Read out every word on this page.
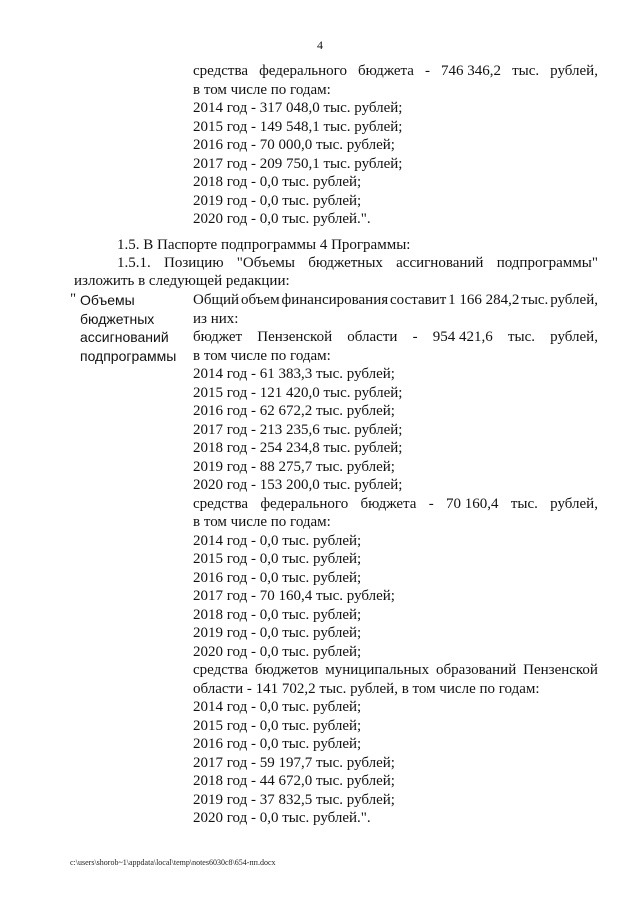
4
средства федерального бюджета - 746 346,2 тыс. рублей,
в том числе по годам:
2014 год - 317 048,0 тыс. рублей;
2015 год - 149 548,1 тыс. рублей;
2016 год - 70 000,0 тыс. рублей;
2017 год - 209 750,1 тыс. рублей;
2018 год - 0,0 тыс. рублей;
2019 год - 0,0 тыс. рублей;
2020 год - 0,0 тыс. рублей.".
1.5. В Паспорте подпрограммы 4 Программы:
1.5.1. Позицию "Объемы бюджетных ассигнований подпрограммы"
изложить в следующей редакции:
" Объемы
бюджетных
ассигнований
подпрограммы
Общий объем финансирования составит 1 166 284,2 тыс. рублей,
из них:
бюджет Пензенской области - 954 421,6 тыс. рублей,
в том числе по годам:
2014 год - 61 383,3 тыс. рублей;
2015 год - 121 420,0 тыс. рублей;
2016 год - 62 672,2 тыс. рублей;
2017 год - 213 235,6 тыс. рублей;
2018 год - 254 234,8 тыс. рублей;
2019 год - 88 275,7 тыс. рублей;
2020 год - 153 200,0 тыс. рублей;
средства федерального бюджета - 70 160,4 тыс. рублей,
в том числе по годам:
2014 год - 0,0 тыс. рублей;
2015 год - 0,0 тыс. рублей;
2016 год - 0,0 тыс. рублей;
2017 год - 70 160,4 тыс. рублей;
2018 год - 0,0 тыс. рублей;
2019 год - 0,0 тыс. рублей;
2020 год - 0,0 тыс. рублей;
средства бюджетов муниципальных образований Пензенской
области - 141 702,2 тыс. рублей, в том числе по годам:
2014 год - 0,0 тыс. рублей;
2015 год - 0,0 тыс. рублей;
2016 год - 0,0 тыс. рублей;
2017 год - 59 197,7 тыс. рублей;
2018 год - 44 672,0 тыс. рублей;
2019 год - 37 832,5 тыс. рублей;
2020 год - 0,0 тыс. рублей.".
c:\users\shorob~1\appdata\local\temp\notes6030c8\654-пп.docx
